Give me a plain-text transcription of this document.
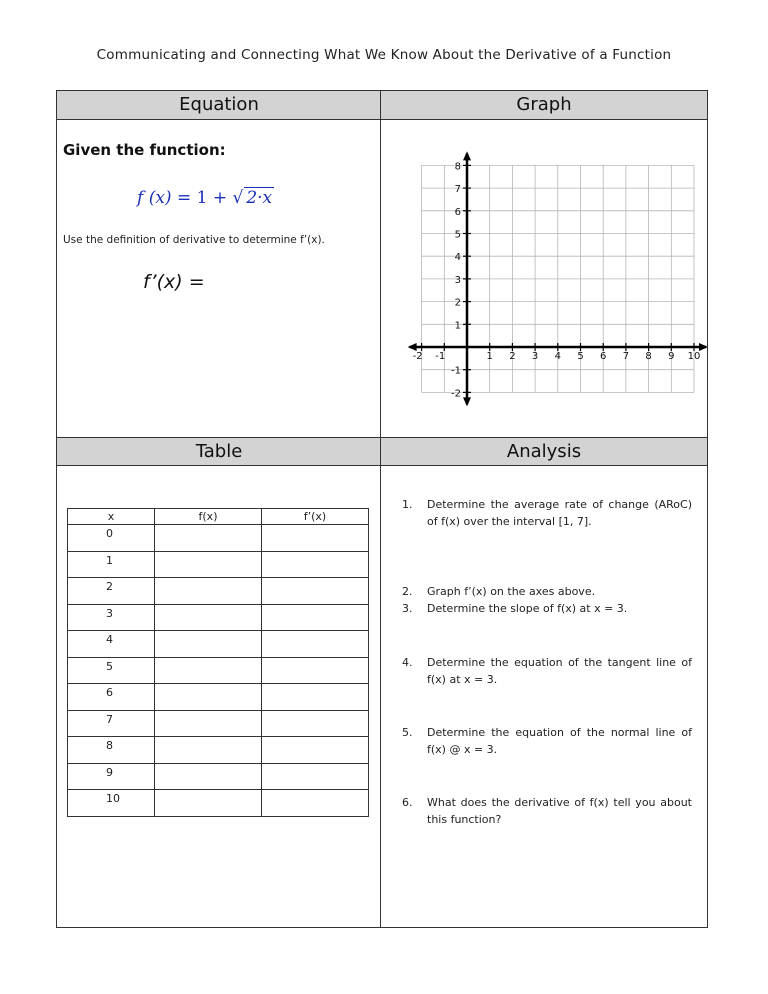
Communicating and Connecting What We Know About the Derivative of a Function
Equation	Graph
Table	Analysis
Given the function:
f (x) = 1 + √ 2·x
Use the definition of derivative to determine f’(x).
f’(x) =
-2 -1	1 2 3 4 5 6 7 8 9 10
8
7
6
5
4
3
2
1
-1
-2
x	f(x)	f’(x)
0		
1		
2		
3		
4		
5		
6		
7		
8		
9		
10		
1. Determine the average rate of change (ARoC) of f(x) over the interval [1, 7].
2. Graph f’(x) on the axes above.
3. Determine the slope of f(x) at x = 3.
4. Determine the equation of the tangent line of f(x) at x = 3.
5. Determine the equation of the normal line of f(x) @ x = 3.
6. What does the derivative of f(x) tell you about this function?
